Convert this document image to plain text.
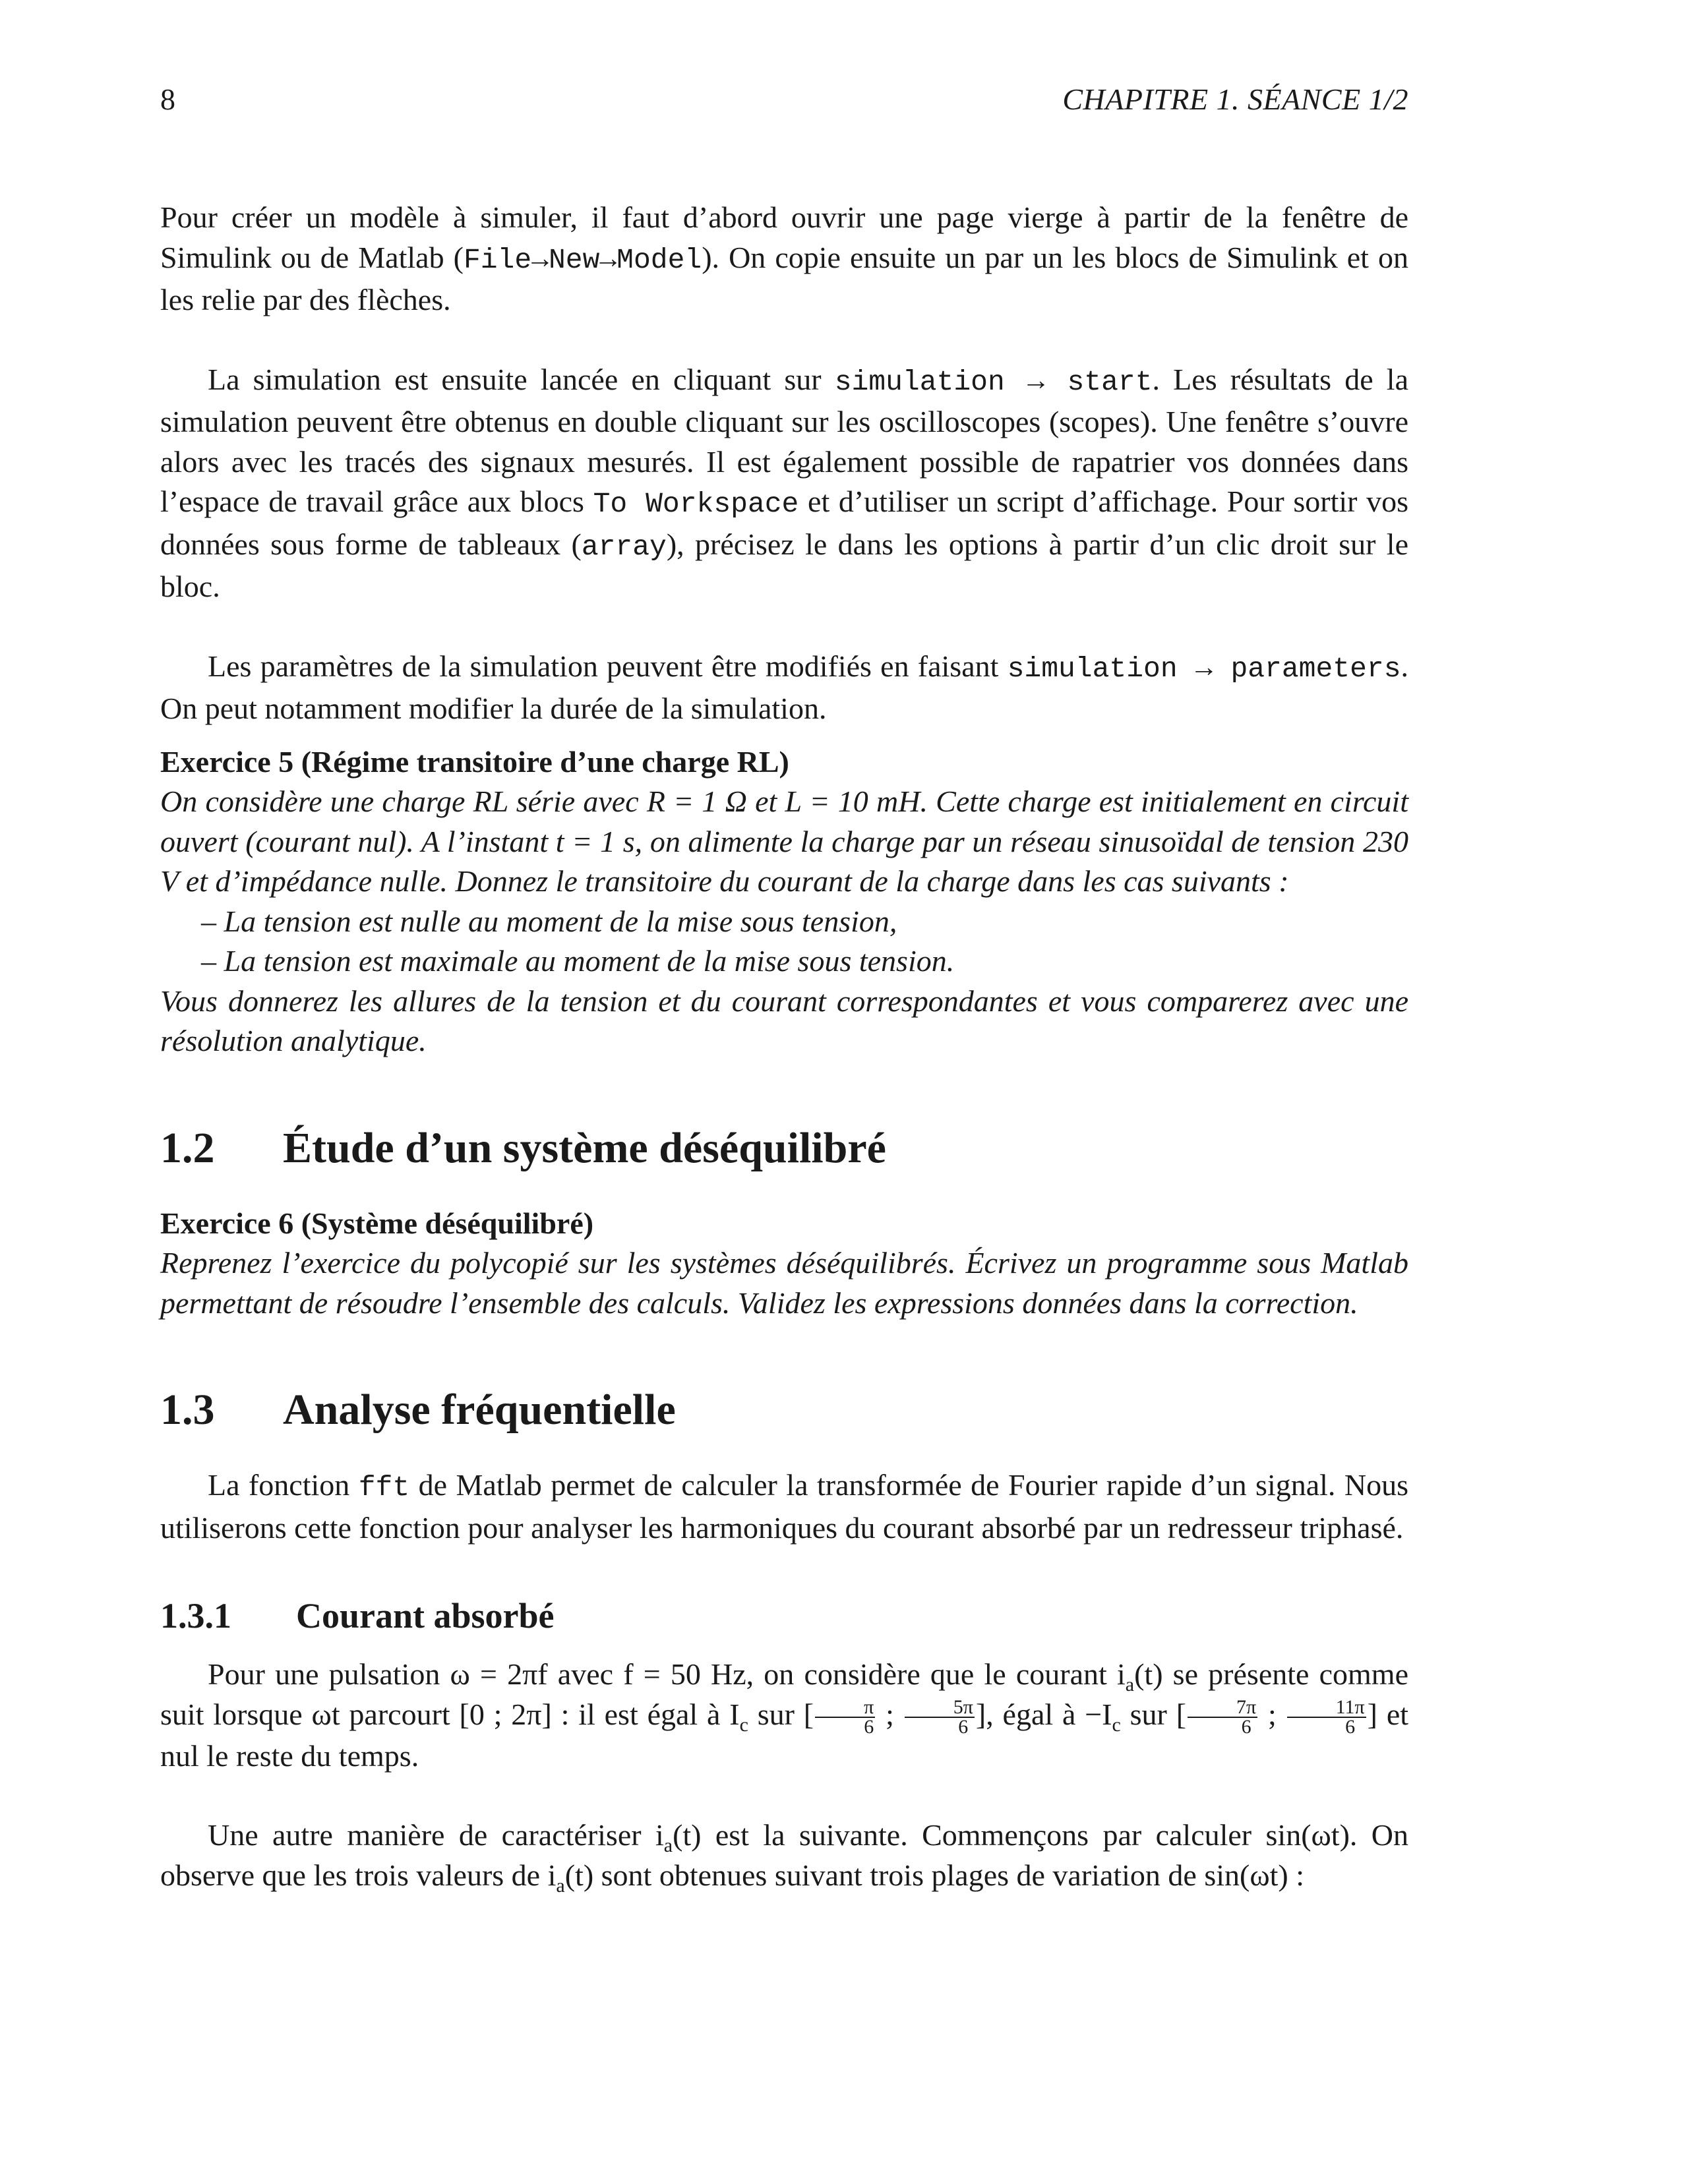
8	CHAPITRE 1. SÉANCE 1/2

Pour créer un modèle à simuler, il faut d’abord ouvrir une page vierge à partir de la fenêtre de Simulink ou de Matlab (File→New→Model). On copie ensuite un par un les blocs de Simulink et on les relie par des flèches.

La simulation est ensuite lancée en cliquant sur simulation → start. Les résultats de la simulation peuvent être obtenus en double cliquant sur les oscilloscopes (scopes). Une fenêtre s’ouvre alors avec les tracés des signaux mesurés. Il est également possible de rapatrier vos données dans l’espace de travail grâce aux blocs To Workspace et d’utiliser un script d’affichage. Pour sortir vos données sous forme de tableaux (array), précisez le dans les options à partir d’un clic droit sur le bloc.

Les paramètres de la simulation peuvent être modifiés en faisant simulation → parameters. On peut notamment modifier la durée de la simulation.

Exercice 5 (Régime transitoire d’une charge RL)
On considère une charge RL série avec R = 1 Ω et L = 10 mH. Cette charge est initialement en circuit ouvert (courant nul). A l’instant t = 1 s, on alimente la charge par un réseau sinusoïdal de tension 230 V et d’impédance nulle. Donnez le transitoire du courant de la charge dans les cas suivants :
– La tension est nulle au moment de la mise sous tension,
– La tension est maximale au moment de la mise sous tension.
Vous donnerez les allures de la tension et du courant correspondantes et vous comparerez avec une résolution analytique.
1.2 Étude d’un système déséquilibré
Exercice 6 (Système déséquilibré)
Reprenez l’exercice du polycopié sur les systèmes déséquilibrés. Écrivez un programme sous Matlab permettant de résoudre l’ensemble des calculs. Validez les expressions données dans la correction.
1.3 Analyse fréquentielle

La fonction fft de Matlab permet de calculer la transformée de Fourier rapide d’un signal. Nous utiliserons cette fonction pour analyser les harmoniques du courant absorbé par un redresseur triphasé.

1.3.1 Courant absorbé

Pour une pulsation ω = 2πf avec f = 50 Hz, on considère que le courant $i_a(t)$ se présente comme suit lorsque ωt parcourt [0 ; 2π] : il est égal à $I_c$ sur [ $\frac{\pi}{6}$ ; $\frac{5\pi}{6}$ ], égal à $-I_c$ sur [ $\frac{7\pi}{6}$ ; $\frac{11\pi}{6}$ ] et nul le reste du temps.

Une autre manière de caractériser $i_a(t)$ est la suivante. Commençons par calculer sin(ωt). On observe que les trois valeurs de $i_a(t)$ sont obtenues suivant trois plages de variation de sin(ωt) :
